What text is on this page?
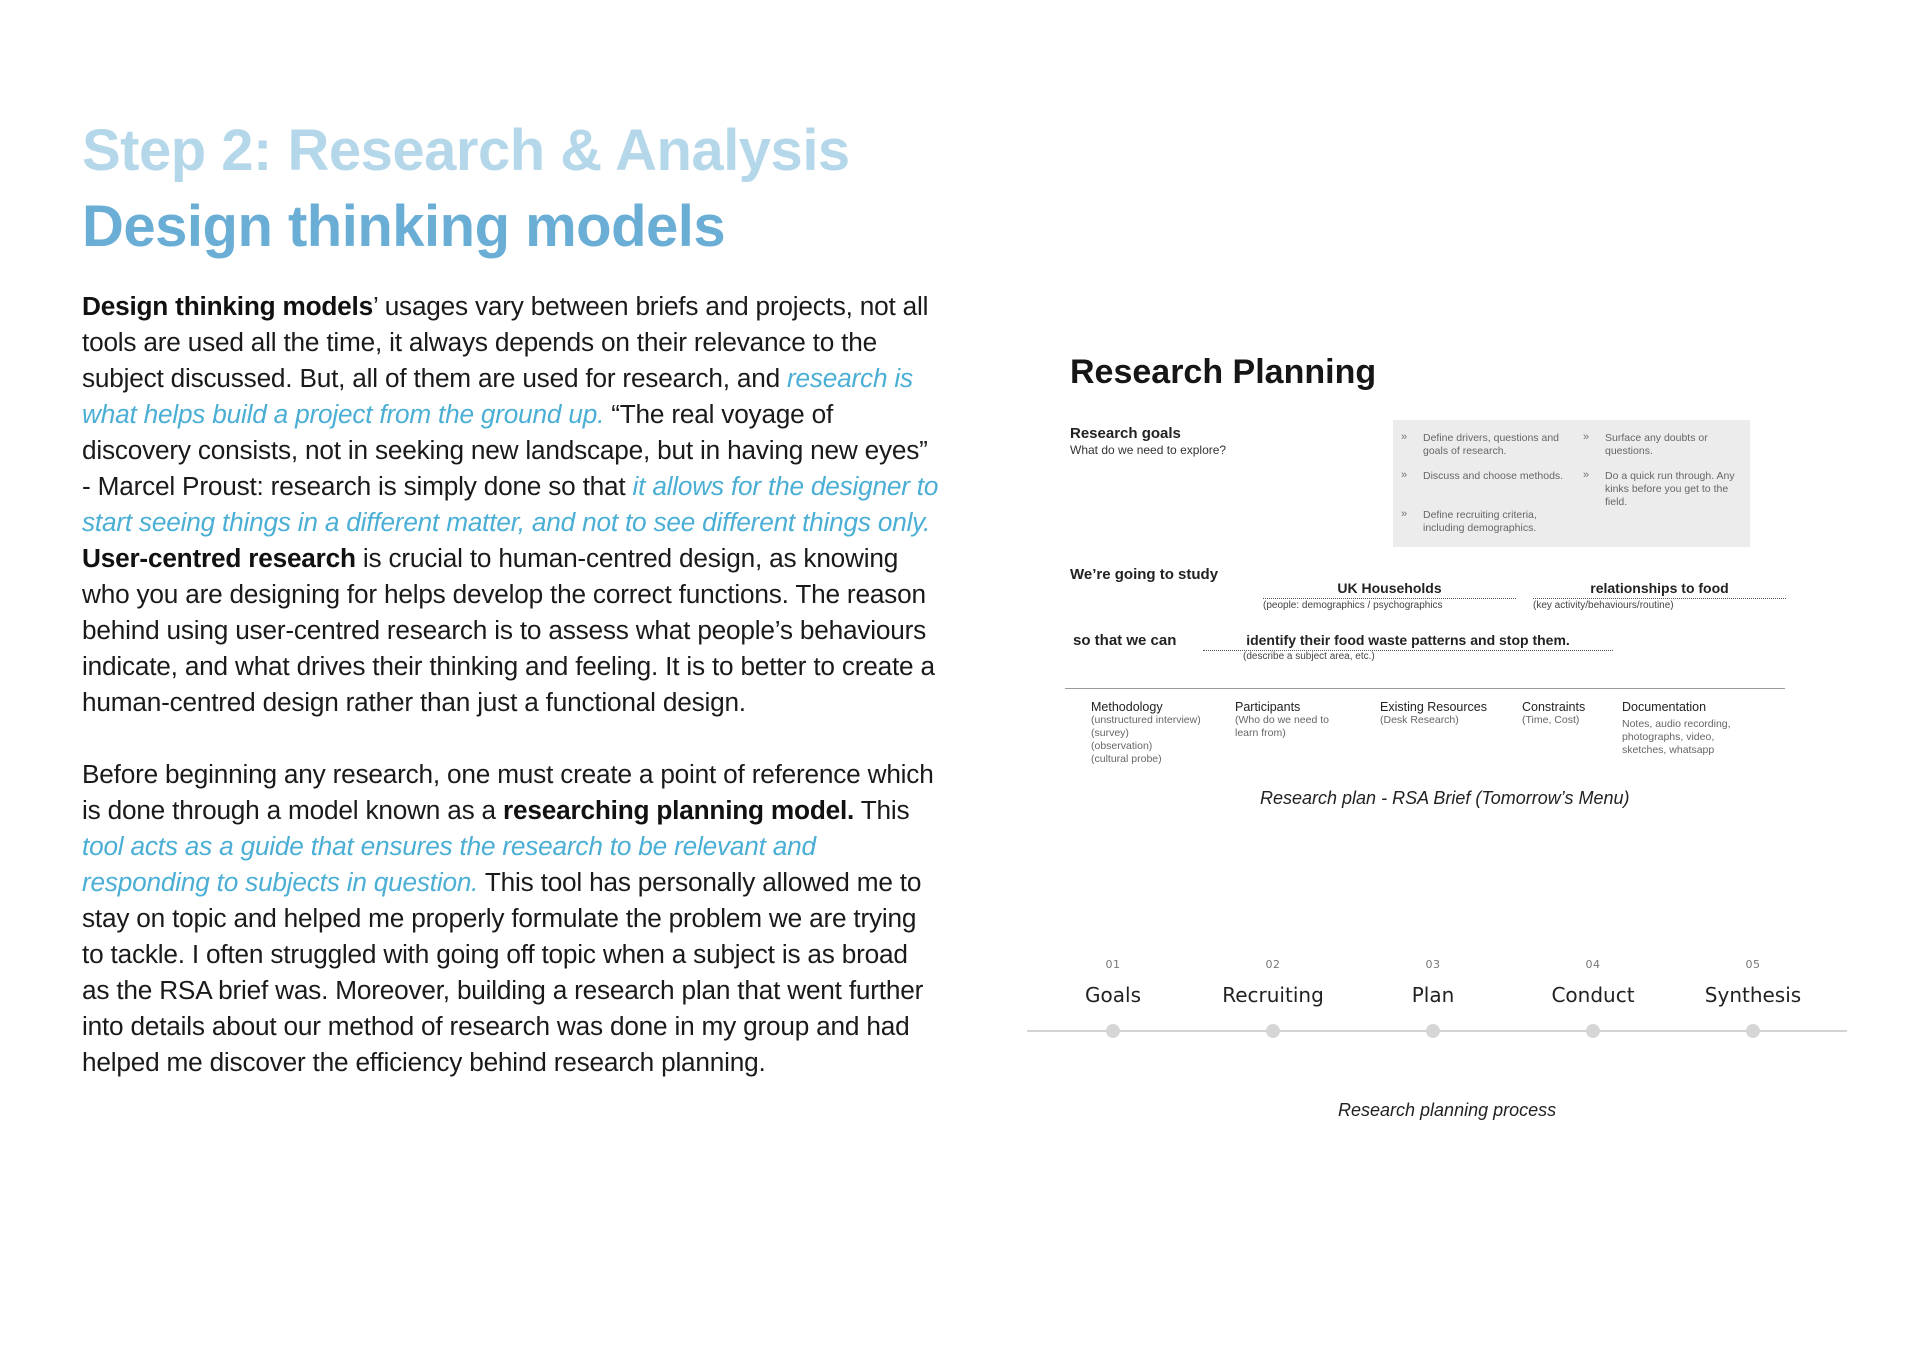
Step 2: Research & Analysis
Design thinking models

Design thinking models’ usages vary between briefs and projects, not all tools are used all the time, it always depends on their relevance to the subject discussed. But, all of them are used for research, and research is what helps build a project from the ground up. “The real voyage of discovery consists, not in seeking new landscape, but in having new eyes” - Marcel Proust: research is simply done so that it allows for the designer to start seeing things in a different matter, and not to see different things only.

User-centred research is crucial to human-centred design, as knowing who you are designing for helps develop the correct functions. The reason behind using user-centred research is to assess what people’s behaviours indicate, and what drives their thinking and feeling. It is to better to create a human-centred design rather than just a functional design.

Before beginning any research, one must create a point of reference which is done through a model known as a researching planning model. This tool acts as a guide that ensures the research to be relevant and responding to subjects in question. This tool has personally allowed me to stay on topic and helped me properly formulate the problem we are trying to tackle. I often struggled with going off topic when a subject is as broad as the RSA brief was. Moreover, building a research plan that went further into details about our method of research was done in my group and had helped me discover the efficiency behind research planning.

Research Planning
Research goals
What do we need to explore?
» Define drivers, questions and goals of research.
» Discuss and choose methods.
» Define recruiting criteria, including demographics.
» Surface any doubts or questions.
» Do a quick run through. Any kinks before you get to the field.
We’re going to study
UK Households
(people: demographics / psychographics
relationships to food
(key activity/behaviours/routine)
so that we can	identify their food waste patterns and stop them.
(describe a subject area, etc.)
Methodology
(unstructured interview)
(survey)
(observation)
(cultural probe)
Participants
(Who do we need to
learn from)
Existing Resources
(Desk Research)
Constraints
(Time, Cost)
Documentation
Notes, audio recording,
photographs, video,
sketches, whatsapp
Research plan - RSA Brief (Tomorrow’s Menu)
01
Goals
02
Recruiting
03
Plan
04
Conduct
05
Synthesis
Research planning process
